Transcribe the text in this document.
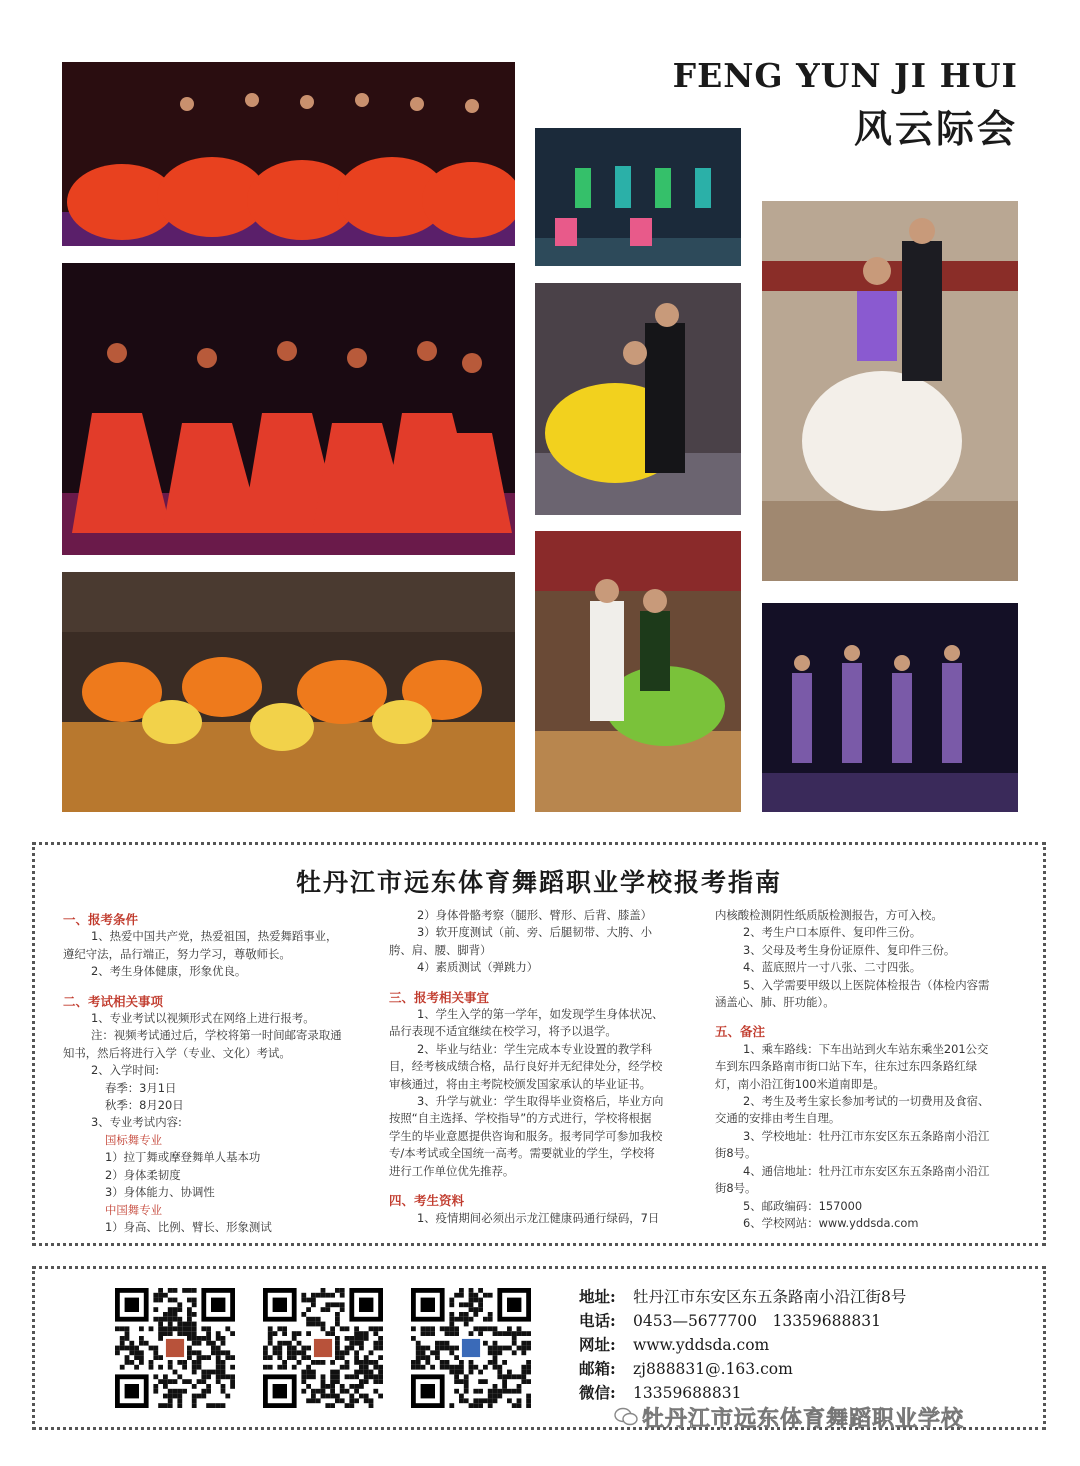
FENG YUN JI HUI
风云际会
牡丹江市远东体育舞蹈职业学校报考指南
一、报考条件
1、热爱中国共产党，热爱祖国，热爱舞蹈事业，
遵纪守法，品行端正，努力学习，尊敬师长。
2、考生身体健康，形象优良。
二、考试相关事项
1、专业考试以视频形式在网络上进行报考。
注：视频考试通过后，学校将第一时间邮寄录取通
知书，然后将进行入学（专业、文化）考试。
2、入学时间:
春季：3月1日
秋季：8月20日
3、专业考试内容:
国标舞专业
1）拉丁舞或摩登舞单人基本功
2）身体柔韧度
3）身体能力、协调性
中国舞专业
1）身高、比例、臂长、形象测试
2）身体骨骼考察（腿形、臂形、后背、膝盖）
3）软开度测试（前、旁、后腿韧带、大胯、小
胯、肩、腰、脚背）
4）素质测试（弹跳力）
三、报考相关事宜
1、学生入学的第一学年，如发现学生身体状况、
品行表现不适宜继续在校学习，将予以退学。
2、毕业与结业：学生完成本专业设置的教学科
目，经考核成绩合格，品行良好并无纪律处分，经学校
审核通过，将由主考院校颁发国家承认的毕业证书。
3、升学与就业：学生取得毕业资格后，毕业方向
按照“自主选择、学校指导”的方式进行，学校将根据
学生的毕业意愿提供咨询和服务。报考同学可参加我校
专/本考试或全国统一高考。需要就业的学生，学校将
进行工作单位优先推荐。
四、考生资料
1、疫情期间必须出示龙江健康码通行绿码，7日
内核酸检测阴性纸质版检测报告，方可入校。
2、考生户口本原件、复印件三份。
3、父母及考生身份证原件、复印件三份。
4、蓝底照片一寸八张、二寸四张。
5、入学需要甲级以上医院体检报告（体检内容需
涵盖心、肺、肝功能）。
五、备注
1、乘车路线：下车出站到火车站东乘坐201公交
车到东四条路南市街口站下车，往东过东四条路红绿
灯，南小沿江街100米道南即是。
2、考生及考生家长参加考试的一切费用及食宿、
交通的安排由考生自理。
3、学校地址：牡丹江市东安区东五条路南小沿江
街8号。
4、通信地址：牡丹江市东安区东五条路南小沿江
街8号。
5、邮政编码：157000
6、学校网站：www.yddsda.com
地址: 牡丹江市东安区东五条路南小沿江街8号
电话: 0453—5677700　13359688831
网址: www.yddsda.com
邮箱: zj888831@.163.com
微信: 13359688831
牡丹江市远东体育舞蹈职业学校
